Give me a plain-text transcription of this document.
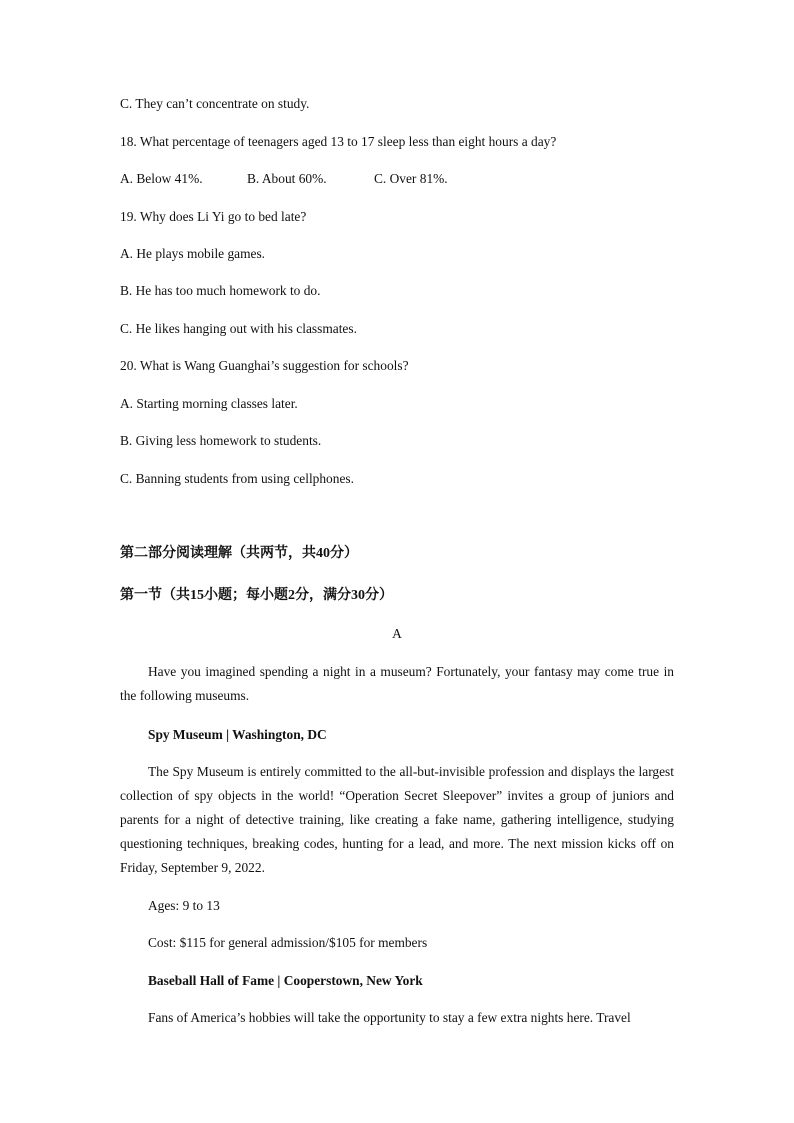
C. They can’t concentrate on study.
18. What percentage of teenagers aged 13 to 17 sleep less than eight hours a day?
A. Below 41%.	B. About 60%.	C. Over 81%.
19. Why does Li Yi go to bed late?
A. He plays mobile games.
B. He has too much homework to do.
C. He likes hanging out with his classmates.
20. What is Wang Guanghai’s suggestion for schools?
A. Starting morning classes later.
B. Giving less homework to students.
C. Banning students from using cellphones.
第二部分阅读理解（共两节，共40分）
第一节（共15小题；每小题2分，满分30分）
A
Have you imagined spending a night in a museum? Fortunately, your fantasy may come true in the following museums.
Spy Museum | Washington, DC
The Spy Museum is entirely committed to the all-but-invisible profession and displays the largest collection of spy objects in the world! “Operation Secret Sleepover” invites a group of juniors and parents for a night of detective training, like creating a fake name, gathering intelligence, studying questioning techniques, breaking codes, hunting for a lead, and more. The next mission kicks off on Friday, September 9, 2022.
Ages: 9 to 13
Cost: $115 for general admission/$105 for members
Baseball Hall of Fame | Cooperstown, New York
Fans of America’s hobbies will take the opportunity to stay a few extra nights here. Travel
